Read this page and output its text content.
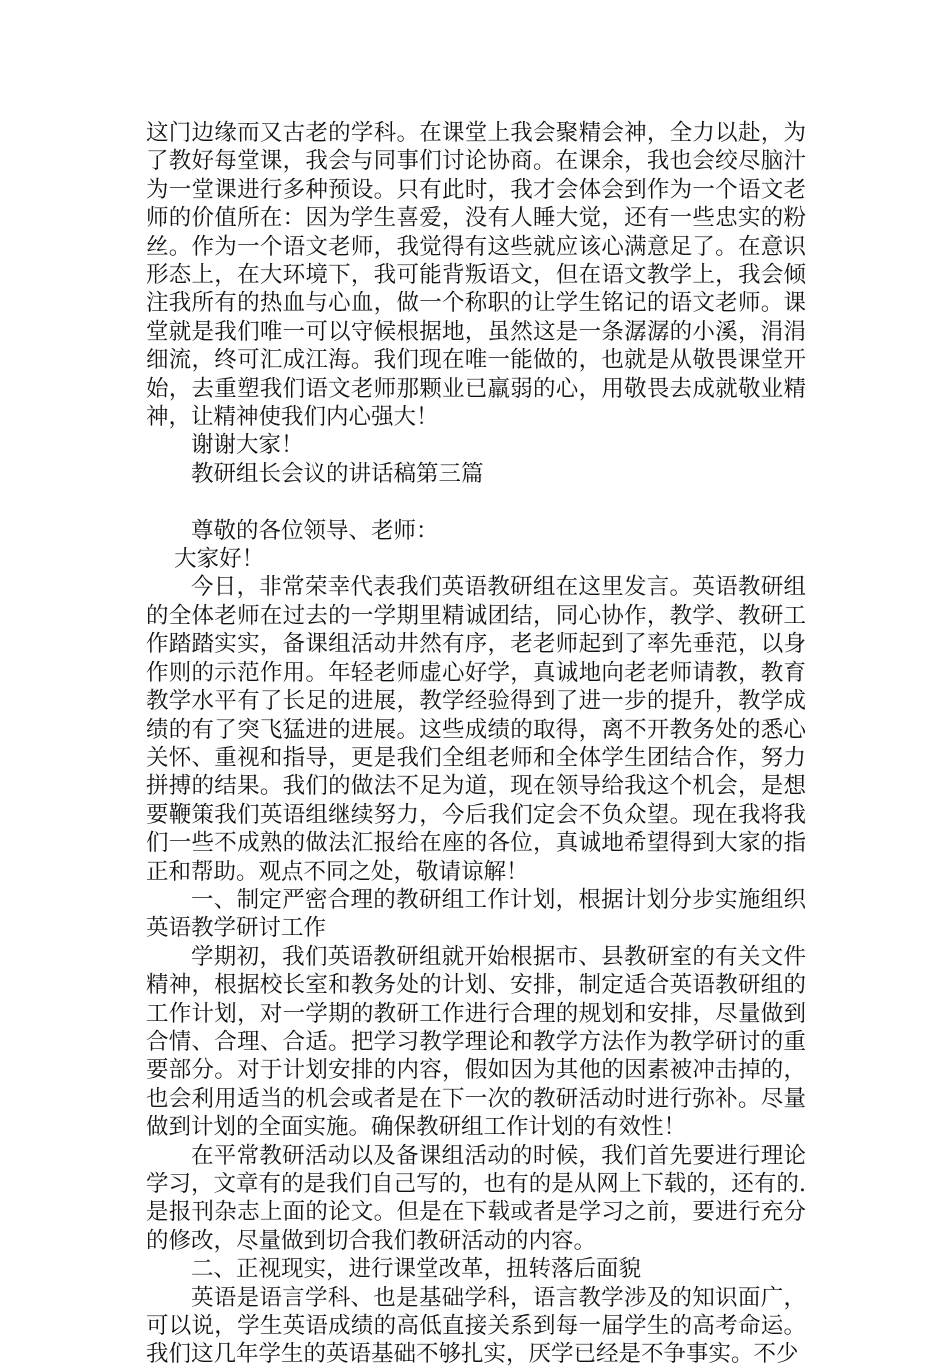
这门边缘而又古老的学科。在课堂上我会聚精会神，全力以赴，为了教好每堂课，我会与同事们讨论协商。在课余，我也会绞尽脑汁为一堂课进行多种预设。只有此时，我才会体会到作为一个语文老师的价值所在：因为学生喜爱，没有人睡大觉，还有一些忠实的粉丝。作为一个语文老师，我觉得有这些就应该心满意足了。在意识形态上，在大环境下，我可能背叛语文，但在语文教学上，我会倾注我所有的热血与心血，做一个称职的让学生铭记的语文老师。课堂就是我们唯一可以守候根据地，虽然这是一条潺潺的小溪，涓涓细流，终可汇成江海。我们现在唯一能做的，也就是从敬畏课堂开始，去重塑我们语文老师那颗业已羸弱的心，用敬畏去成就敬业精神，让精神使我们内心强大！

谢谢大家！

教研组长会议的讲话稿第三篇

尊敬的各位领导、老师：

大家好！

今日，非常荣幸代表我们英语教研组在这里发言。英语教研组的全体老师在过去的一学期里精诚团结，同心协作，教学、教研工作踏踏实实，备课组活动井然有序，老老师起到了率先垂范，以身作则的示范作用。年轻老师虚心好学，真诚地向老老师请教，教育教学水平有了长足的进展，教学经验得到了进一步的提升，教学成绩的有了突飞猛进的进展。这些成绩的取得，离不开教务处的悉心关怀、重视和指导，更是我们全组老师和全体学生团结合作，努力拼搏的结果。我们的做法不足为道，现在领导给我这个机会，是想要鞭策我们英语组继续努力，今后我们定会不负众望。现在我将我们一些不成熟的做法汇报给在座的各位，真诚地希望得到大家的指正和帮助。观点不同之处，敬请谅解！

一、制定严密合理的教研组工作计划，根据计划分步实施组织英语教学研讨工作

学期初，我们英语教研组就开始根据市、县教研室的有关文件精神，根据校长室和教务处的计划、安排，制定适合英语教研组的工作计划，对一学期的教研工作进行合理的规划和安排，尽量做到合情、合理、合适。把学习教学理论和教学方法作为教学研讨的重要部分。对于计划安排的内容，假如因为其他的因素被冲击掉的，也会利用适当的机会或者是在下一次的教研活动时进行弥补。尽量做到计划的全面实施。确保教研组工作计划的有效性！

在平常教研活动以及备课组活动的时候，我们首先要进行理论学习，文章有的是我们自己写的，也有的是从网上下载的，还有的.是报刊杂志上面的论文。但是在下载或者是学习之前，要进行充分的修改，尽量做到切合我们教研活动的内容。

二、正视现实，进行课堂改革，扭转落后面貌

英语是语言学科、也是基础学科，语言教学涉及的知识面广，可以说，学生英语成绩的高低直接关系到每一届学生的高考命运。我们这几年学生的英语基础不够扎实，厌学已经是不争事实。不少
